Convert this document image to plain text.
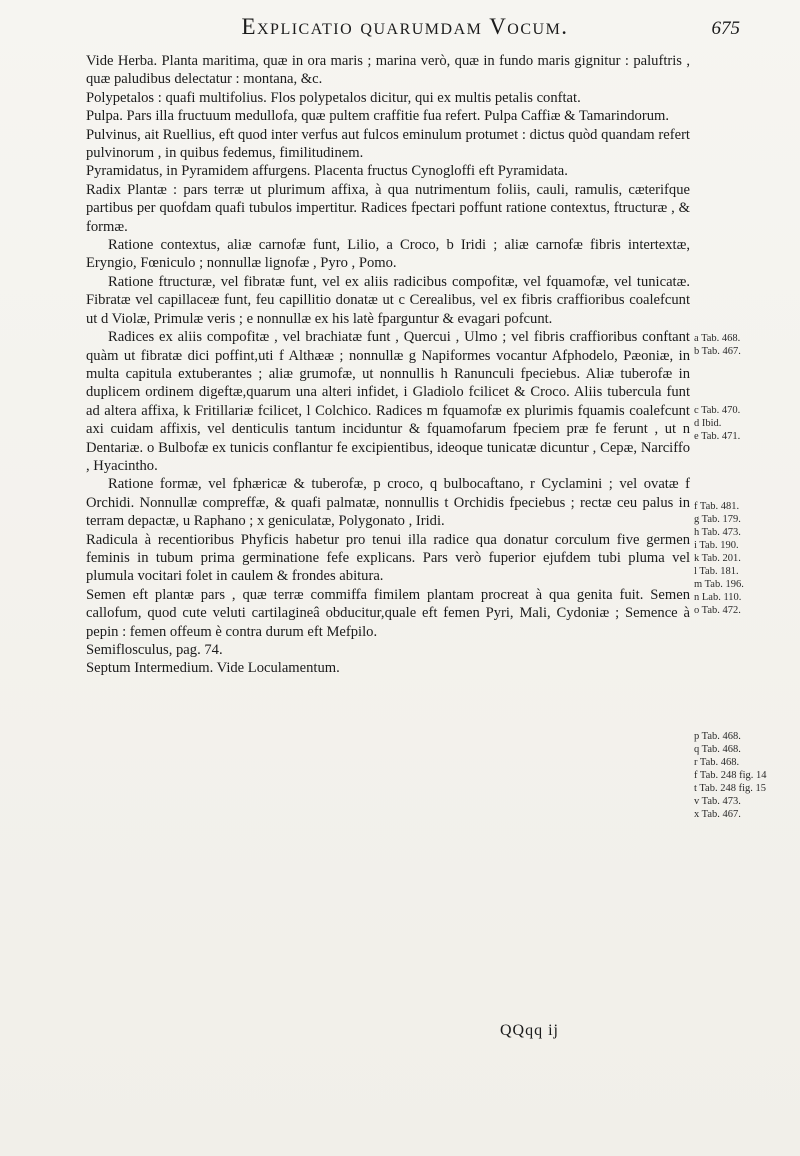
Explicatio quarumdam Vocum.	675

Vide Herba. Planta maritima, quæ in ora maris ; marina verò, quæ in fundo maris gignitur : paluftris , quæ paludibus delectatur : montana, &c.

Polypetalos : quafi multifolius. Flos polypetalos dicitur, qui ex multis petalis conftat.

Pulpa. Pars illa fructuum medullofa, quæ pultem craffitie fua refert. Pulpa Caffiæ & Tamarindorum.

Pulvinus, ait Ruellius, eft quod inter verfus aut fulcos eminulum protumet : dictus quòd quandam refert pulvinorum , in quibus fedemus, fimilitudinem.

Pyramidatus, in Pyramidem affurgens. Placenta fructus Cynogloffi eft Pyramidata.

Radix Plantæ : pars terræ ut plurimum affixa, à qua nutrimentum foliis, cauli, ramulis, cæterifque partibus per quofdam quafi tubulos impertitur. Radices fpectari poffunt ratione contextus, ftructuræ , & formæ.

Ratione contextus, aliæ carnofæ funt, Lilio, a Croco, b Iridi ; aliæ carnofæ fibris intertextæ, Eryngio, Fœniculo ; nonnullæ lignofæ , Pyro , Pomo.

Ratione ftructuræ, vel fibratæ funt, vel ex aliis radicibus compofitæ, vel fquamofæ, vel tunicatæ. Fibratæ vel capillaceæ funt, feu capillitio donatæ ut c Cerealibus, vel ex fibris craffioribus coalefcunt ut d Violæ, Primulæ veris ; e nonnullæ ex his latè fparguntur & evagari pofcunt.

Radices ex aliis compofitæ , vel brachiatæ funt , Quercui , Ulmo ; vel fibris craffioribus conftant quàm ut fibratæ dici poffint,uti f Althææ ; nonnullæ g Napiformes vocantur Afphodelo, Pæoniæ, in multa capitula extuberantes ; aliæ grumofæ, ut nonnullis h Ranunculi fpeciebus. Aliæ tuberofæ in duplicem ordinem digeftæ,quarum una alteri infidet, i Gladiolo fcilicet & Croco. Aliis tubercula funt ad altera affixa, k Fritillariæ fcilicet, l Colchico. Radices m fquamofæ ex plurimis fquamis coalefcunt axi cuidam affixis, vel denticulis tantum inciduntur & fquamofarum fpeciem præ fe ferunt , ut n Dentariæ. o Bulbofæ ex tunicis conflantur fe excipientibus, ideoque tunicatæ dicuntur , Cepæ, Narciffo , Hyacintho.

Ratione formæ, vel fphæricæ & tuberofæ, p croco, q bulbocaftano, r Cyclamini ; vel ovatæ f Orchidi. Nonnullæ compreffæ, & quafi palmatæ, nonnullis t Orchidis fpeciebus ; rectæ ceu palus in terram depactæ, u Raphano ; x geniculatæ, Polygonato , Iridi.

Radicula à recentioribus Phyficis habetur pro tenui illa radice qua donatur corculum five germen feminis in tubum prima germinatione fefe explicans. Pars verò fuperior ejufdem tubi pluma vel plumula vocitari folet in caulem & frondes abitura.

Semen eft plantæ pars , quæ terræ commiffa fimilem plantam procreat à qua genita fuit. Semen callofum, quod cute veluti cartilagineâ obducitur,quale eft femen Pyri, Mali, Cydoniæ ; Semence à pepin : femen offeum è contra durum eft Mefpilo.

Semiflosculus, pag. 74.

Septum Intermedium. Vide Loculamentum.

a Tab. 468.
b Tab. 467.
c Tab. 470.
d Ibid.
e Tab. 471.
f Tab. 481.
g Tab. 179.
h Tab. 473.
i Tab. 190.
k Tab. 201.
l Tab. 181.
m Tab. 196.
n Lab. 110.
o Tab. 472.
p Tab. 468.
q Tab. 468.
r Tab. 468.
f Tab. 248 fig. 14
t Tab. 248 fig. 15
v Tab. 473.
x Tab. 467.
QQqq ij
